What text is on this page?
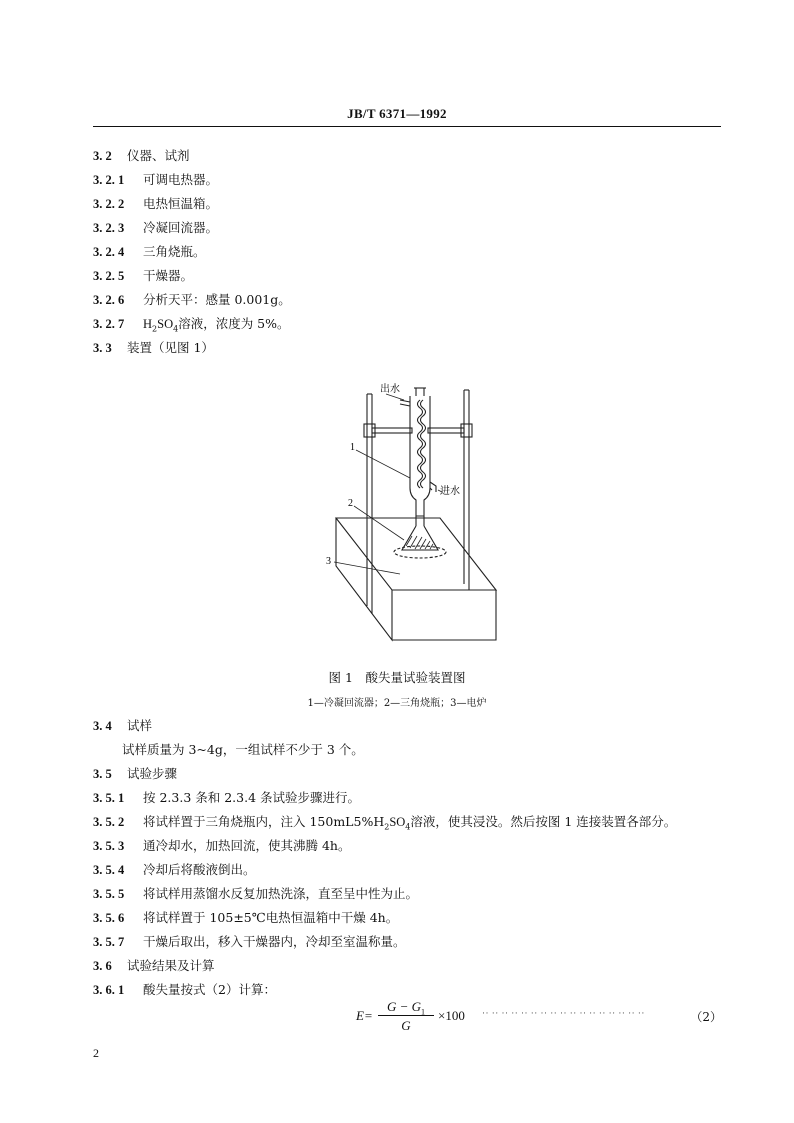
JB/T 6371—1992
3. 2 仪器、试剂
3. 2. 1 可调电热器。
3. 2. 2 电热恒温箱。
3. 2. 3 冷凝回流器。
3. 2. 4 三角烧瓶。
3. 2. 5 干燥器。
3. 2. 6 分析天平：感量 0.001g。
3. 2. 7 $H_2SO_4$溶液，浓度为 5%。
3. 3 装置（见图 1）
出水
进水
1
2
3
图 1　酸失量试验装置图
1—冷凝回流器；2—三角烧瓶；3—电炉
3. 4 试样
试样质量为 3~4g，一组试样不少于 3 个。
3. 5 试验步骤
3. 5. 1 按 2.3.3 条和 2.3.4 条试验步骤进行。
3. 5. 2 将试样置于三角烧瓶内，注入 $150mL5\%H_2SO_4$溶液，使其浸没。然后按图 1 连接装置各部分。
3. 5. 3 通冷却水，加热回流，使其沸腾 4h。
3. 5. 4 冷却后将酸液倒出。
3. 5. 5 将试样用蒸馏水反复加热洗涤，直至呈中性为止。
3. 5. 6 将试样置于 105±5℃电热恒温箱中干燥 4h。
3. 5. 7 干燥后取出，移入干燥器内，冷却至室温称量。
3. 6 试验结果及计算
3. 6. 1 酸失量按式（2）计算：
E=
$G - G_1$
G
×100 ·· ·· ·· ·· ·· ·· ·· ·· ·· ·· ·· ·· ·· ·· ·· ·· ··	（2）
2
